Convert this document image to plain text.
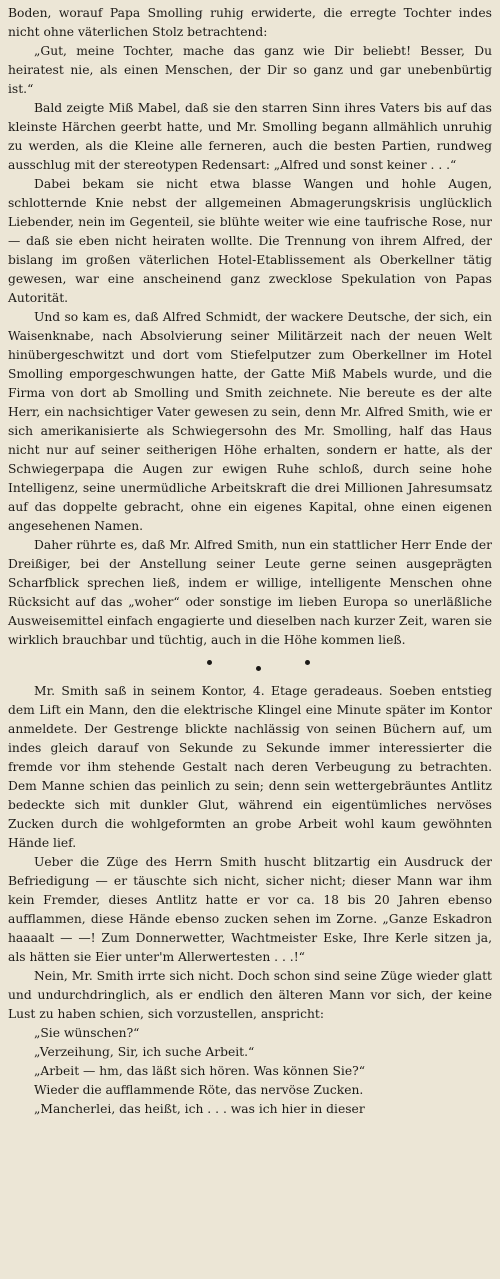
Boden, worauf Papa Smolling ruhig erwiderte, die erregte Tochter indes nicht ohne väterlichen Stolz betrachtend:

„Gut, meine Tochter, mache das ganz wie Dir beliebt! Besser, Du heiratest nie, als einen Menschen, der Dir so ganz und gar unebenbürtig ist.“

Bald zeigte Miß Mabel, daß sie den starren Sinn ihres Vaters bis auf das kleinste Härchen geerbt hatte, und Mr. Smolling begann allmählich unruhig zu werden, als die Kleine alle ferneren, auch die besten Partien, rundweg ausschlug mit der stereotypen Redensart: „Alfred und sonst keiner . . .“

Dabei bekam sie nicht etwa blasse Wangen und hohle Augen, schlotternde Knie nebst der allgemeinen Abmagerungskrisis unglücklich Liebender, nein im Gegenteil, sie blühte weiter wie eine taufrische Rose, nur — daß sie eben nicht heiraten wollte. Die Trennung von ihrem Alfred, der bislang im großen väterlichen Hotel-Etablissement als Oberkellner tätig gewesen, war eine anscheinend ganz zwecklose Spekulation von Papas Autorität.

Und so kam es, daß Alfred Schmidt, der wackere Deutsche, der sich, ein Waisenknabe, nach Absolvierung seiner Militärzeit nach der neuen Welt hinübergeschwitzt und dort vom Stiefelputzer zum Oberkellner im Hotel Smolling emporgeschwungen hatte, der Gatte Miß Mabels wurde, und die Firma von dort ab Smolling und Smith zeichnete. Nie bereute es der alte Herr, ein nachsichtiger Vater gewesen zu sein, denn Mr. Alfred Smith, wie er sich amerikanisierte als Schwiegersohn des Mr. Smolling, half das Haus nicht nur auf seiner seitherigen Höhe erhalten, sondern er hatte, als der Schwiegerpapa die Augen zur ewigen Ruhe schloß, durch seine hohe Intelligenz, seine unermüdliche Arbeitskraft die drei Millionen Jahresumsatz auf das doppelte gebracht, ohne ein eigenes Kapital, ohne einen eigenen angesehenen Namen.

Daher rührte es, daß Mr. Alfred Smith, nun ein stattlicher Herr Ende der Dreißiger, bei der Anstellung seiner Leute gerne seinen ausgeprägten Scharfblick sprechen ließ, indem er willige, intelligente Menschen ohne Rücksicht auf das „woher“ oder sonstige im lieben Europa so unerläßliche Ausweisemittel einfach engagierte und dieselben nach kurzer Zeit, waren sie wirklich brauchbar und tüchtig, auch in die Höhe kommen ließ.

Mr. Smith saß in seinem Kontor, 4. Etage geradeaus. Soeben entstieg dem Lift ein Mann, den die elektrische Klingel eine Minute später im Kontor anmeldete. Der Gestrenge blickte nachlässig von seinen Büchern auf, um indes gleich darauf von Sekunde zu Sekunde immer interessierter die fremde vor ihm stehende Gestalt nach deren Verbeugung zu betrachten. Dem Manne schien das peinlich zu sein; denn sein wettergebräuntes Antlitz bedeckte sich mit dunkler Glut, während ein eigentümliches nervöses Zucken durch die wohlgeformten an grobe Arbeit wohl kaum gewöhnten Hände lief.

Ueber die Züge des Herrn Smith huscht blitzartig ein Ausdruck der Befriedigung — er täuschte sich nicht, sicher nicht; dieser Mann war ihm kein Fremder, dieses Antlitz hatte er vor ca. 18 bis 20 Jahren ebenso aufflammen, diese Hände ebenso zucken sehen im Zorne. „Ganze Eskadron haaaalt — —! Zum Donnerwetter, Wachtmeister Eske, Ihre Kerle sitzen ja, als hätten sie Eier unter'm Allerwertesten . . .!“

Nein, Mr. Smith irrte sich nicht. Doch schon sind seine Züge wieder glatt und undurchdringlich, als er endlich den älteren Mann vor sich, der keine Lust zu haben schien, sich vorzustellen, anspricht:

„Sie wünschen?“

„Verzeihung, Sir, ich suche Arbeit.“

„Arbeit — hm, das läßt sich hören. Was können Sie?“

Wieder die aufflammende Röte, das nervöse Zucken.

„Mancherlei, das heißt, ich . . . was ich hier in dieser
